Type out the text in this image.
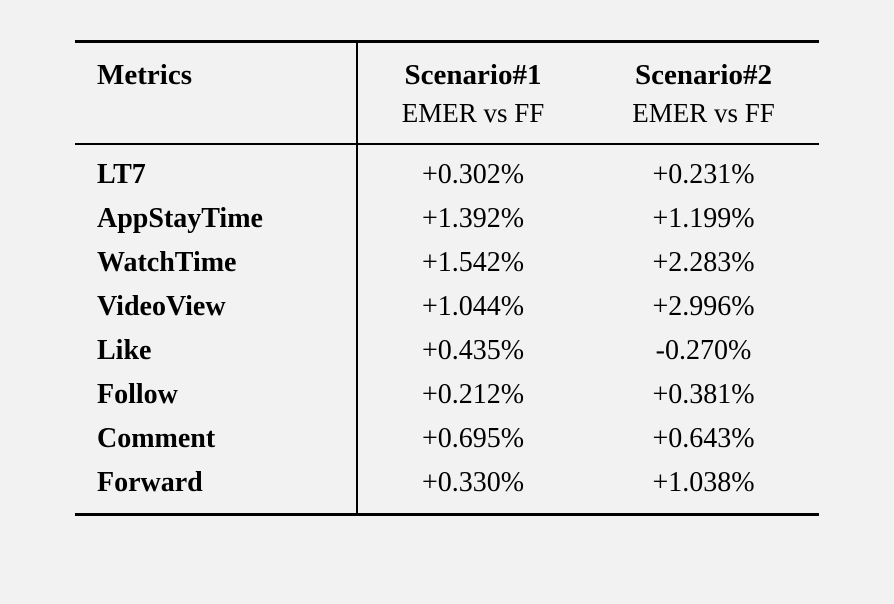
Metrics	Scenario#1	Scenario#2
	EMER vs FF	EMER vs FF

LT7	+0.302%	+0.231%
AppStayTime	+1.392%	+1.199%
WatchTime	+1.542%	+2.283%
VideoView	+1.044%	+2.996%
Like	+0.435%	-0.270%
Follow	+0.212%	+0.381%
Comment	+0.695%	+0.643%
Forward	+0.330%	+1.038%
